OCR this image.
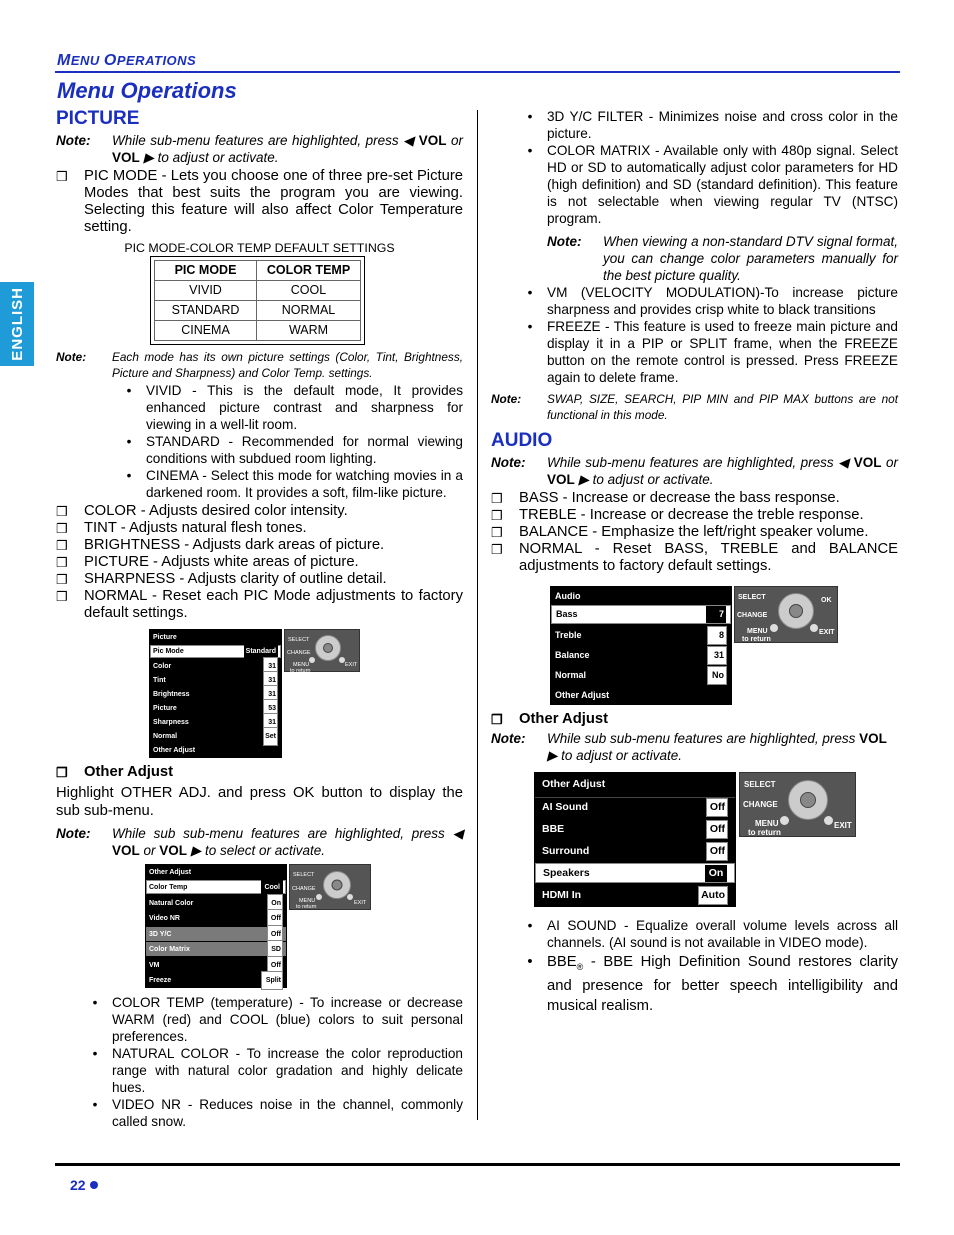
MENU OPERATIONS
Menu Operations
ENGLISH
PICTURE
Note:	While sub-menu features are highlighted, press ◀ VOL or VOL ▶ to adjust or activate.
❒	PIC MODE - Lets you choose one of three pre-set Picture Modes that best suits the program you are viewing. Selecting this feature will also affect Color Temperature setting.
PIC MODE-COLOR TEMP DEFAULT SETTINGS
PIC MODE	COLOR TEMP
VIVID	COOL
STANDARD	NORMAL
CINEMA	WARM
Note:	Each mode has its own picture settings (Color, Tint, Brightness, Picture and Sharpness) and Color Temp. settings.
•	VIVID - This is the default mode, It provides enhanced picture contrast and sharpness for viewing in a well-lit room.
•	STANDARD - Recommended for normal viewing conditions with subdued room lighting.
•	CINEMA - Select this mode for watching movies in a darkened room. It provides a soft, film-like picture.
❒	COLOR - Adjusts desired color intensity.
❒	TINT - Adjusts natural flesh tones.
❒	BRIGHTNESS - Adjusts dark areas of picture.
❒	PICTURE - Adjusts white areas of picture.
❒	SHARPNESS - Adjusts clarity of outline detail.
❒	NORMAL - Reset each PIC Mode adjustments to factory default settings.
Picture
Pic Mode	Standard
Color	31
Tint	31
Brightness	31
Picture	53
Sharpness	31
Normal	Set
Other Adjust
SELECT
CHANGE
MENU
to return
EXIT
❒	Other Adjust
Highlight OTHER ADJ. and press OK button to display the sub sub-menu.
Note:	While sub sub-menu features are highlighted, press ◀ VOL or VOL ▶ to select or activate.
Other Adjust
Color Temp	Cool
Natural Color	On
Video NR	Off
3D Y/C	Off
Color Matrix	SD
VM	Off
Freeze	Split
SELECT
CHANGE
MENU
to return
EXIT
•	COLOR TEMP (temperature) - To increase or decrease WARM (red) and COOL (blue) colors to suit personal preferences.
•	NATURAL COLOR - To increase the color reproduction range with natural color gradation and highly delicate hues.
•	VIDEO NR - Reduces noise in the channel, commonly called snow.
•	3D Y/C FILTER - Minimizes noise and cross color in the picture.
•	COLOR MATRIX - Available only with 480p signal. Select HD or SD to automatically adjust color parameters for HD (high definition) and SD (standard definition). This feature is not selectable when viewing regular TV (NTSC) program.
Note:	When viewing a non-standard DTV signal format, you can change color parameters manually for the best picture quality.
•	VM (VELOCITY MODULATION)-To increase picture sharpness and provides crisp white to black transitions
•	FREEZE - This feature is used to freeze main picture and display it in a PIP or SPLIT frame, when the FREEZE button on the remote control is pressed. Press FREEZE again to delete frame.
Note:	SWAP, SIZE, SEARCH, PIP MIN and PIP MAX buttons are not functional in this mode.
AUDIO
Note:	While sub-menu features are highlighted, press ◀ VOL or VOL ▶ to adjust or activate.
❒	BASS - Increase or decrease the bass response.
❒	TREBLE - Increase or decrease the treble response.
❒	BALANCE - Emphasize the left/right speaker volume.
❒	NORMAL - Reset BASS, TREBLE and BALANCE adjustments to factory default settings.
Audio
Bass	7
Treble	8
Balance	31
Normal	No
Other Adjust
SELECT
CHANGE
MENU
to return
EXIT
OK
❒	Other Adjust
Note:	While sub sub-menu features are highlighted, press VOL
▶ to adjust or activate.
Other Adjust
AI Sound	Off
BBE	Off
Surround	Off
Speakers	On
HDMI In	Auto
SELECT
CHANGE
MENU
to return
EXIT
•	AI SOUND - Equalize overall volume levels across all channels. (AI sound is not available in VIDEO mode).
• $BBE_®$ - BBE High Definition Sound restores clarity and presence for better speech intelligibility and musical realism.
22
